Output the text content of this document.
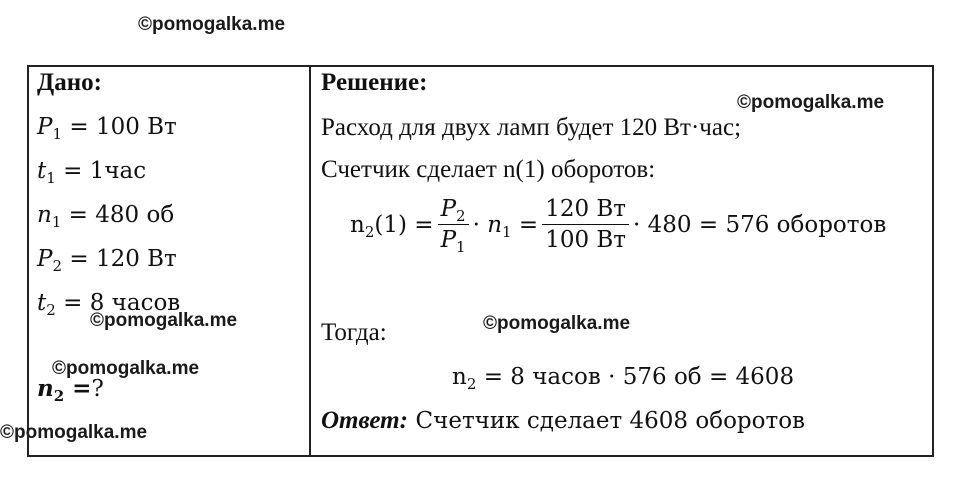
©pomogalka.me
©pomogalka.me
©pomogalka.me	©pomogalka.me
©pomogalka.me
©pomogalka.me
Дано:
$P_1 = 100$ Вт
$t_1 = 1час$
$n_1 = 480$ об
$P_2 = 120$ Вт
$t_2 = 8$ часов
$n_2$ =?
Решение:
Расход для двух ламп будет 120 Вт·час;
Счетчик сделает n(1) оборотов:
$n_2(1) = \frac{P_2}{P_1} \cdot n_1 = \frac{120 Вт}{100 Вт} \cdot 480 = 576$ оборотов
Тогда:
$n_2 = 8$ часов · 576 об = 4608
Ответ: Счетчик сделает 4608 оборотов
